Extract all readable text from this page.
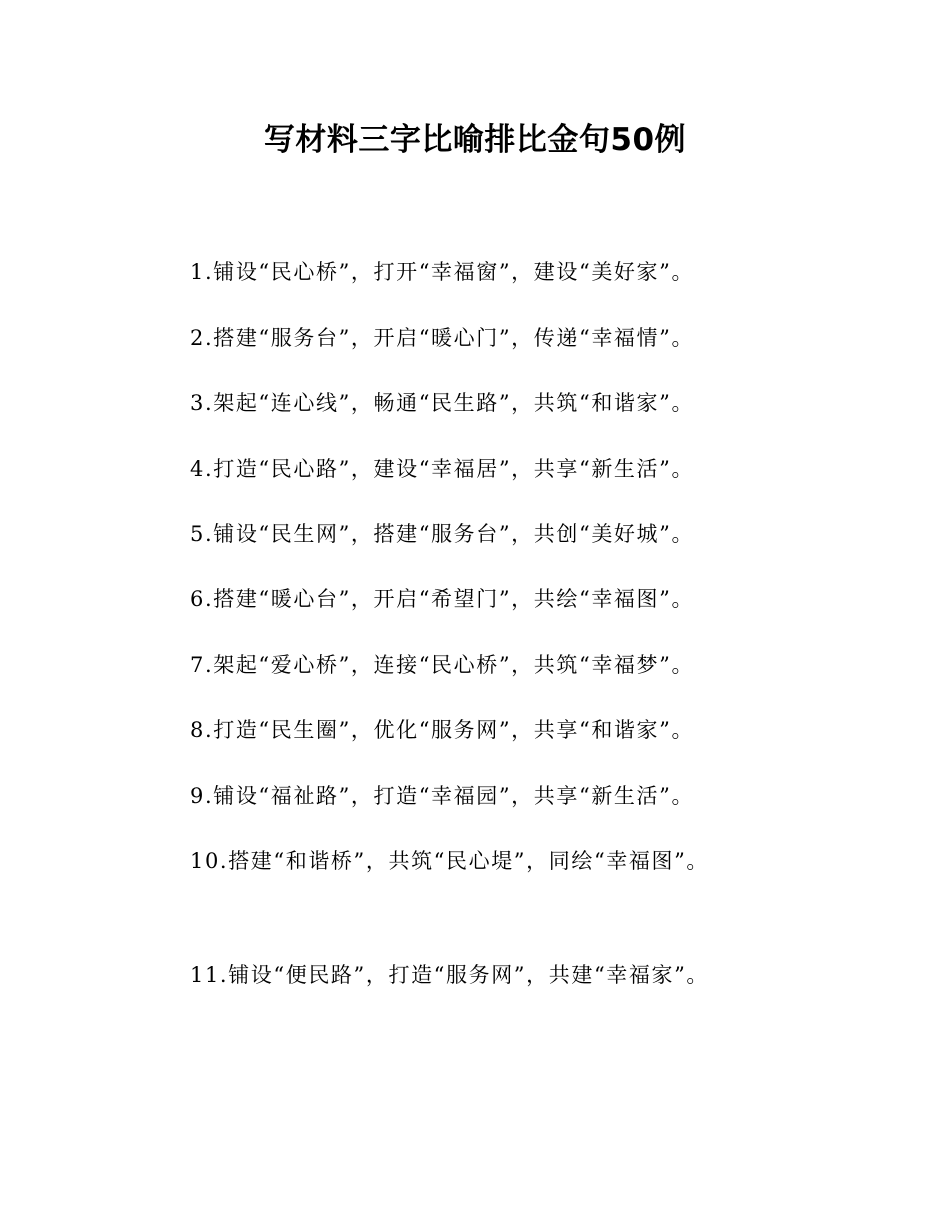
写材料三字比喻排比金句50例
1.铺设“民心桥”，打开“幸福窗”，建设“美好家”。
2.搭建“服务台”，开启“暖心门”，传递“幸福情”。
3.架起“连心线”，畅通“民生路”，共筑“和谐家”。
4.打造“民心路”，建设“幸福居”，共享“新生活”。
5.铺设“民生网”，搭建“服务台”，共创“美好城”。
6.搭建“暖心台”，开启“希望门”，共绘“幸福图”。
7.架起“爱心桥”，连接“民心桥”，共筑“幸福梦”。
8.打造“民生圈”，优化“服务网”，共享“和谐家”。
9.铺设“福祉路”，打造“幸福园”，共享“新生活”。
10.搭建“和谐桥”，共筑“民心堤”，同绘“幸福图”。
11.铺设“便民路”，打造“服务网”，共建“幸福家”。
